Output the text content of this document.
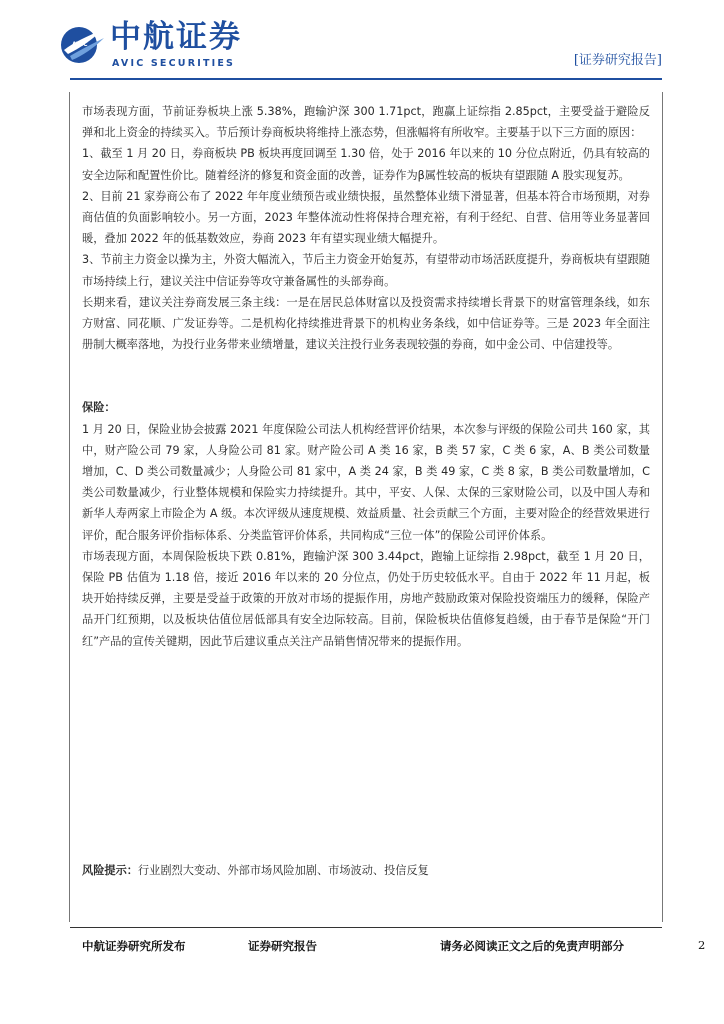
AVIC 中航证券
AVIC SECURITIES	[证券研究报告]

市场表现方面，节前证券板块上涨 5.38%，跑输沪深 300 1.71pct，跑赢上证综指 2.85pct，主要受益于避险反弹和北上资金的持续买入。节后预计券商板块将维持上涨态势，但涨幅将有所收窄。主要基于以下三方面的原因：

1、截至 1 月 20 日，券商板块 PB 板块再度回调至 1.30 倍，处于 2016 年以来的 10 分位点附近，仍具有较高的安全边际和配置性价比。随着经济的修复和资金面的改善，证券作为β属性较高的板块有望跟随 A 股实现复苏。

2、目前 21 家券商公布了 2022 年年度业绩预告或业绩快报，虽然整体业绩下滑显著，但基本符合市场预期，对券商估值的负面影响较小。另一方面，2023 年整体流动性将保持合理充裕，有利于经纪、自营、信用等业务显著回暖，叠加 2022 年的低基数效应，券商 2023 年有望实现业绩大幅提升。

3、节前主力资金以操为主，外资大幅流入，节后主力资金开始复苏，有望带动市场活跃度提升，券商板块有望跟随市场持续上行，建议关注中信证券等攻守兼备属性的头部券商。

长期来看，建议关注券商发展三条主线：一是在居民总体财富以及投资需求持续增长背景下的财富管理条线，如东方财富、同花顺、广发证券等。二是机构化持续推进背景下的机构业务条线，如中信证券等。三是 2023 年全面注册制大概率落地，为投行业务带来业绩增量，建议关注投行业务表现较强的券商，如中金公司、中信建投等。

保险：

1 月 20 日，保险业协会披露 2021 年度保险公司法人机构经营评价结果，本次参与评级的保险公司共 160 家，其中，财产险公司 79 家，人身险公司 81 家。财产险公司 A 类 16 家，B 类 57 家，C 类 6 家，A、B 类公司数量增加，C、D 类公司数量减少；人身险公司 81 家中，A 类 24 家，B 类 49 家，C 类 8 家，B 类公司数量增加，C 类公司数量减少，行业整体规模和保险实力持续提升。其中，平安、人保、太保的三家财险公司，以及中国人寿和新华人寿两家上市险企为 A 级。本次评级从速度规模、效益质量、社会贡献三个方面，主要对险企的经营效果进行评价，配合服务评价指标体系、分类监管评价体系，共同构成“三位一体”的保险公司评价体系。

市场表现方面，本周保险板块下跌 0.81%，跑输沪深 300 3.44pct，跑输上证综指 2.98pct，截至 1 月 20 日，保险 PB 估值为 1.18 倍，接近 2016 年以来的 20 分位点，仍处于历史较低水平。自由于 2022 年 11 月起，板块开始持续反弹，主要是受益于政策的开放对市场的提振作用，房地产鼓励政策对保险投资端压力的缓释，保险产品开门红预期，以及板块估值位居低部具有安全边际较高。目前，保险板块估值修复趋缓，由于春节是保险“开门红”产品的宣传关键期，因此节后建议重点关注产品销售情况带来的提振作用。

风险提示：行业剧烈大变动、外部市场风险加剧、市场波动、投信反复
中航证券研究所发布	证券研究报告	请务必阅读正文之后的免责声明部分	2
